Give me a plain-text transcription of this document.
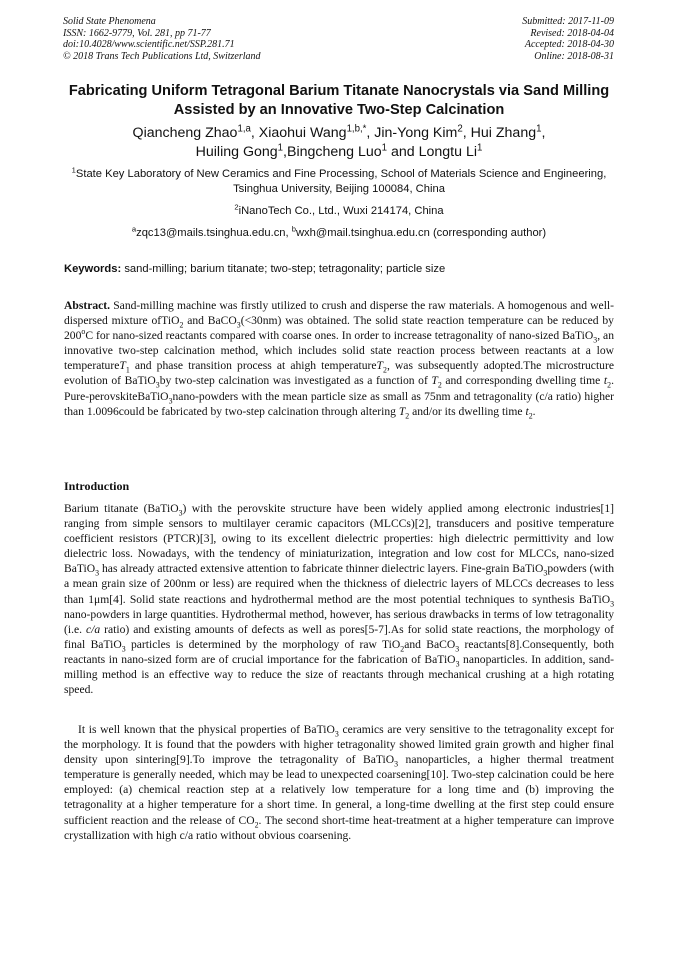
Solid State Phenomena
ISSN: 1662-9779, Vol. 281, pp 71-77
doi:10.4028/www.scientific.net/SSP.281.71
© 2018 Trans Tech Publications Ltd, Switzerland
Submitted: 2017-11-09
Revised: 2018-04-04
Accepted: 2018-04-30
Online: 2018-08-31
Fabricating Uniform Tetragonal Barium Titanate Nanocrystals via Sand Milling Assisted by an Innovative Two-Step Calcination
Qiancheng Zhao$^{1,a}$, Xiaohui Wang$^{1,b,*}$, Jin-Yong Kim$^2$, Hui Zhang$^1$,
Huiling Gong$^1$,Bingcheng Luo$^1$ and Longtu Li$^1$
$^1$State Key Laboratory of New Ceramics and Fine Processing, School of Materials Science and Engineering, Tsinghua University, Beijing 100084, China
$^2$iNanoTech Co., Ltd., Wuxi 214174, China
$^a$zqc13@mails.tsinghua.edu.cn, $^b$wxh@mail.tsinghua.edu.cn (corresponding author)
Keywords: sand-milling; barium titanate; two-step; tetragonality; particle size
Abstract. Sand-milling machine was firstly utilized to crush and disperse the raw materials. A homogenous and well-dispersed mixture ofTiO$_2$ and BaCO$_3$(<30nm) was obtained. The solid state reaction temperature can be reduced by 200$^o$C for nano-sized reactants compared with coarse ones. In order to increase tetragonality of nano-sized BaTiO$_3$, an innovative two-step calcination method, which includes solid state reaction process between reactants at a low temperatureT$_1$ and phase transition process at ahigh temperatureT$_2$, was subsequently adopted.The microstructure evolution of BaTiO$_3$by two-step calcination was investigated as a function of $T_2$ and corresponding dwelling time $t_2$. Pure-perovskiteBaTiO$_3$nano-powders with the mean particle size as small as 75nm and tetragonality (c/a ratio) higher than 1.0096could be fabricated by two-step calcination through altering $T_2$ and/or its dwelling time $t_2$.
Introduction
Barium titanate (BaTiO$_3$) with the perovskite structure have been widely applied among electronic industries[1] ranging from simple sensors to multilayer ceramic capacitors (MLCCs)[2], transducers and positive temperature coefficient resistors (PTCR)[3], owing to its excellent dielectric properties: high dielectric permittivity and low dielectric loss. Nowadays, with the tendency of miniaturization, integration and low cost for MLCCs, nano-sized BaTiO$_3$ has already attracted extensive attention to fabricate thinner dielectric layers. Fine-grain BaTiO$_3$powders (with a mean grain size of 200nm or less) are required when the thickness of dielectric layers of MLCCs decreases to less than 1μm[4]. Solid state reactions and hydrothermal method are the most potential techniques to synthesis BaTiO$_3$ nano-powders in large quantities. Hydrothermal method, however, has serious drawbacks in terms of low tetragonality (i.e. c/a ratio) and existing amounts of defects as well as pores[5-7].As for solid state reactions, the morphology of final BaTiO$_3$ particles is determined by the morphology of raw TiO$_2$and BaCO$_3$ reactants[8].Consequently, both reactants in nano-sized form are of crucial importance for the fabrication of BaTiO$_3$ nanoparticles. In addition, sand-milling method is an effective way to reduce the size of reactants through mechanical crushing at a high rotating speed.
It is well known that the physical properties of BaTiO$_3$ ceramics are very sensitive to the tetragonality except for the morphology. It is found that the powders with higher tetragonality showed limited grain growth and higher final density upon sintering[9].To improve the tetragonality of BaTiO$_3$ nanoparticles, a higher thermal treatment temperature is generally needed, which may be lead to unexpected coarsening[10]. Two-step calcination could be here employed: (a) chemical reaction step at a relatively low temperature for a long time and (b) improving the tetragonality at a higher temperature for a short time. In general, a long-time dwelling at the first step could ensure sufficient reaction and the release of $CO_2$. The second short-time heat-treatment at a higher temperature can improve crystallization with high c/a ratio without obvious coarsening.
